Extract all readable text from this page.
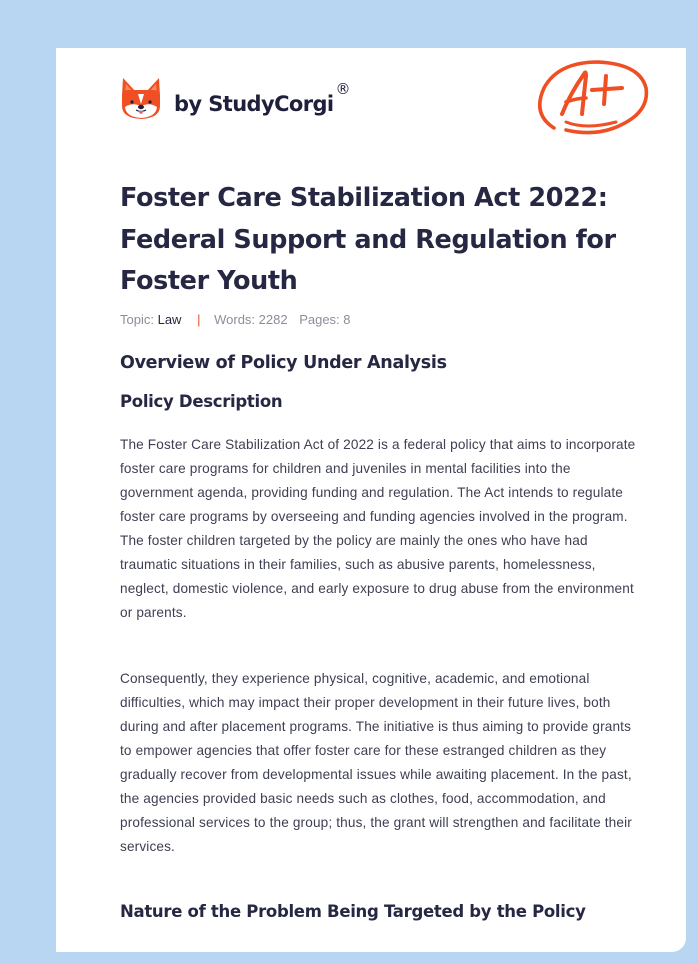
by StudyCorgi
®
Foster Care Stabilization Act 2022: Federal Support and Regulation for Foster Youth
Topic: Law | Words: 2282 Pages: 8
Overview of Policy Under Analysis
Policy Description

The Foster Care Stabilization Act of 2022 is a federal policy that aims to incorporate foster care programs for children and juveniles in mental facilities into the government agenda, providing funding and regulation. The Act intends to regulate foster care programs by overseeing and funding agencies involved in the program. The foster children targeted by the policy are mainly the ones who have had traumatic situations in their families, such as abusive parents, homelessness, neglect, domestic violence, and early exposure to drug abuse from the environment or parents.

Consequently, they experience physical, cognitive, academic, and emotional difficulties, which may impact their proper development in their future lives, both during and after placement programs. The initiative is thus aiming to provide grants to empower agencies that offer foster care for these estranged children as they gradually recover from developmental issues while awaiting placement. In the past, the agencies provided basic needs such as clothes, food, accommodation, and professional services to the group; thus, the grant will strengthen and facilitate their services.

Nature of the Problem Being Targeted by the Policy
